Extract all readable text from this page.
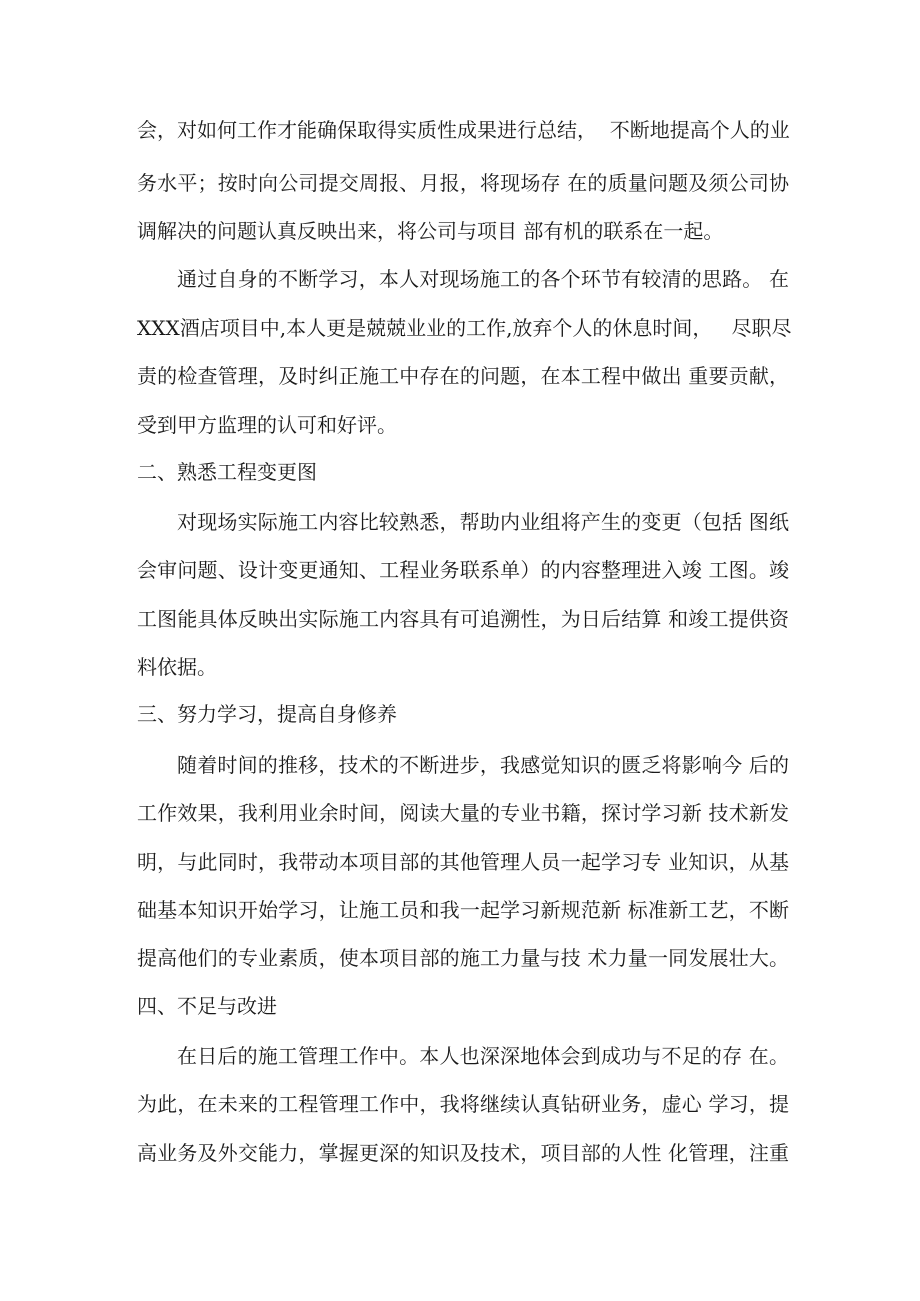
会，对如何工作才能确保取得实质性成果进行总结，  不断地提高个人的业
务水平；按时向公司提交周报、月报，将现场存 在的质量问题及须公司协
调解决的问题认真反映出来，将公司与项目 部有机的联系在一起。
通过自身的不断学习，本人对现场施工的各个环节有较清的思路。 在
XXX酒店项目中,本人更是兢兢业业的工作,放弃个人的休息时间，   尽职尽
责的检查管理，及时纠正施工中存在的问题，在本工程中做出 重要贡献，
受到甲方监理的认可和好评。
二、熟悉工程变更图
对现场实际施工内容比较熟悉，帮助内业组将产生的变更（包括 图纸
会审问题、设计变更通知、工程业务联系单）的内容整理进入竣 工图。竣
工图能具体反映出实际施工内容具有可追溯性，为日后结算 和竣工提供资
料依据。
三、努力学习，提高自身修养
随着时间的推移，技术的不断进步，我感觉知识的匮乏将影响今 后的
工作效果，我利用业余时间，阅读大量的专业书籍，探讨学习新 技术新发
明，与此同时，我带动本项目部的其他管理人员一起学习专 业知识，从基
础基本知识开始学习，让施工员和我一起学习新规范新 标准新工艺，不断
提高他们的专业素质，使本项目部的施工力量与技 术力量一同发展壮大。
四、不足与改进
在日后的施工管理工作中。本人也深深地体会到成功与不足的存 在。
为此，在未来的工程管理工作中，我将继续认真钻研业务，虚心 学习，提
高业务及外交能力，掌握更深的知识及技术，项目部的人性 化管理，注重
